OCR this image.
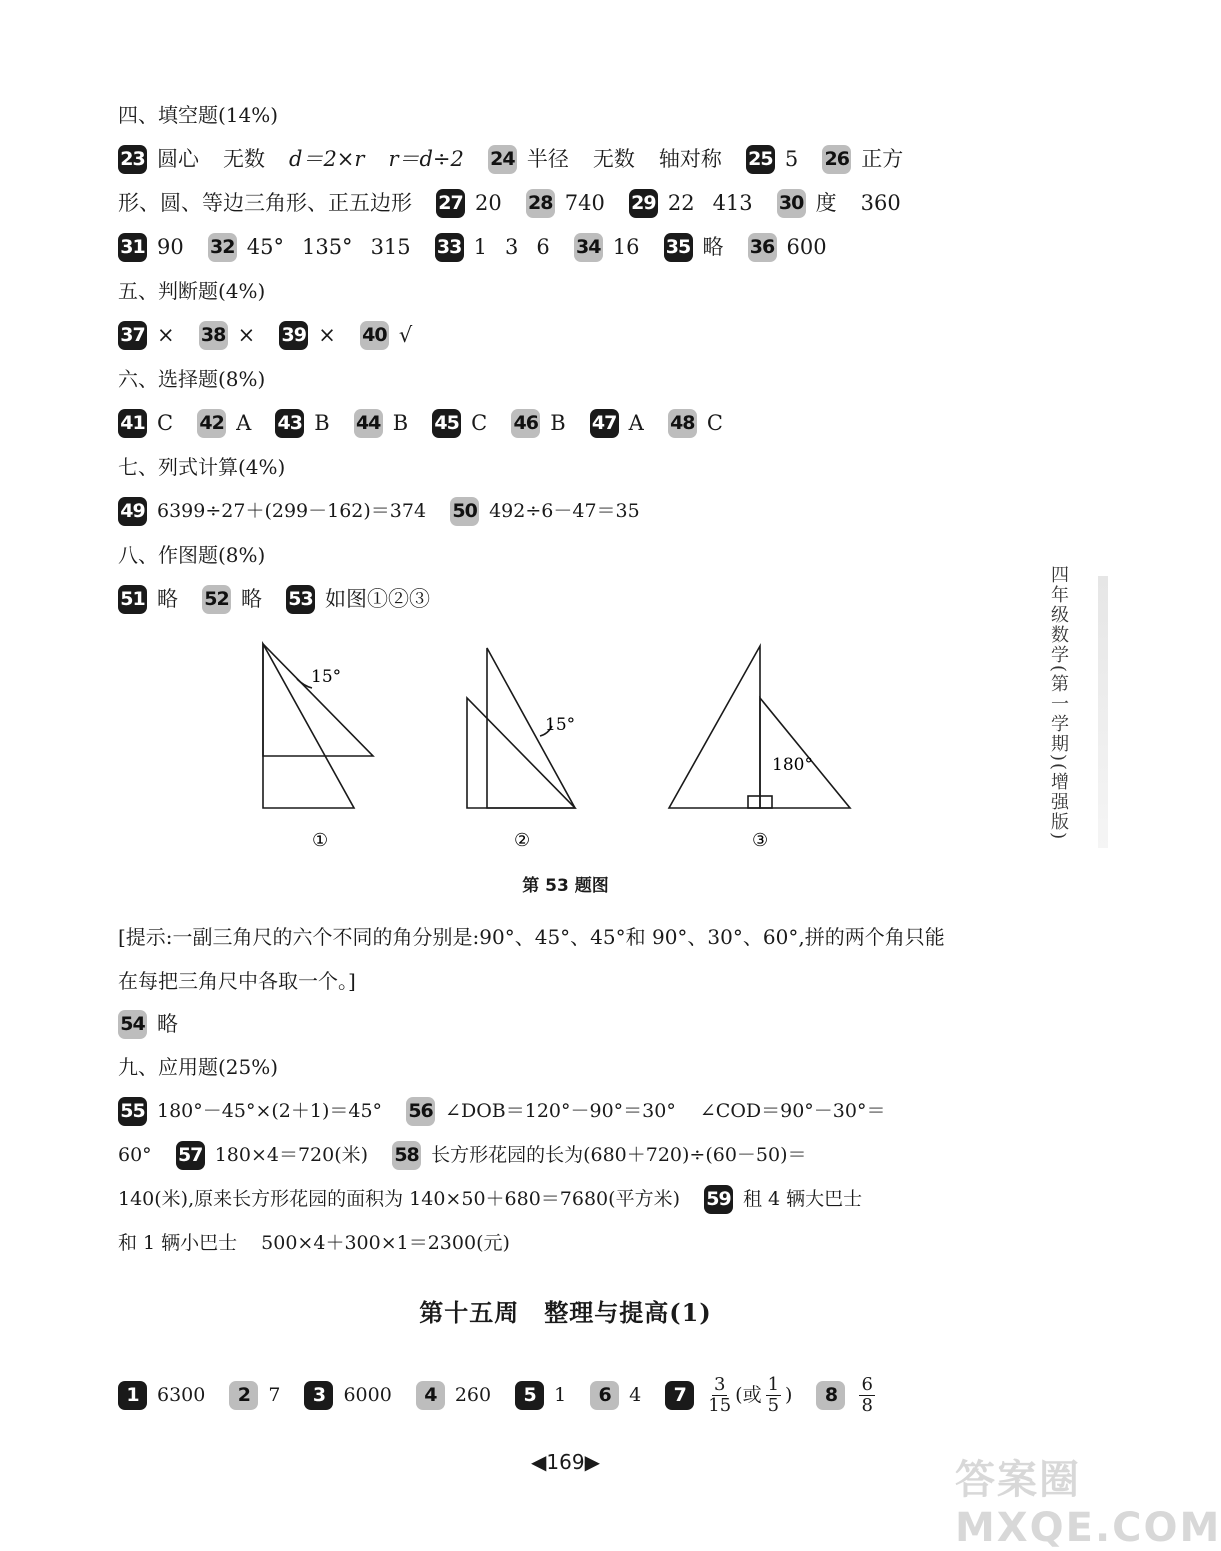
四、填空题(14%)
23 圆心 无数 d＝2×r r＝d÷2 24 半径 无数 轴对称 25 5 26 正方
形、圆、等边三角形、正五边形 27 20 28 740 29 22 413 30 度 360
31 90 32 45° 135° 315 33 1 3 6 34 16 35 略 36 600
五、判断题(4%)
37 × 38 × 39 × 40 √
六、选择题(8%)
41 C 42 A 43 B 44 B 45 C 46 B 47 A 48 C
七、列式计算(4%)
49 6399÷27＋(299－162)＝374 50 492÷6－47＝35
八、作图题(8%)
51 略 52 略 53 如图①②③
15°
15°
180°
①	②	③
第 53 题图
[提示:一副三角尺的六个不同的角分别是:90°、45°、45°和 90°、30°、60°,拼的两个角只能
在每把三角尺中各取一个。]
54 略
九、应用题(25%)
55 180°－45°×(2＋1)＝45° 56 ∠DOB＝120°－90°＝30° ∠COD＝90°－30°＝
60° 57 180×4＝720(米) 58 长方形花园的长为(680＋720)÷(60－50)＝
140(米),原来长方形花园的面积为 140×50＋680＝7680(平方米) 59 租 4 辆大巴士
和 1 辆小巴士 500×4＋300×1＝2300(元)
第十五周　整理与提高(1)
1 6300	2 7	3 6000	4 260	5 1	6 4	7	$\frac{3}{15}$ (或 $\frac{1}{5}$ )	8	$\frac{6}{8}$
◀169▶
四年级数学(第一学期)(增强版)
答案圈 MXQE.COM
